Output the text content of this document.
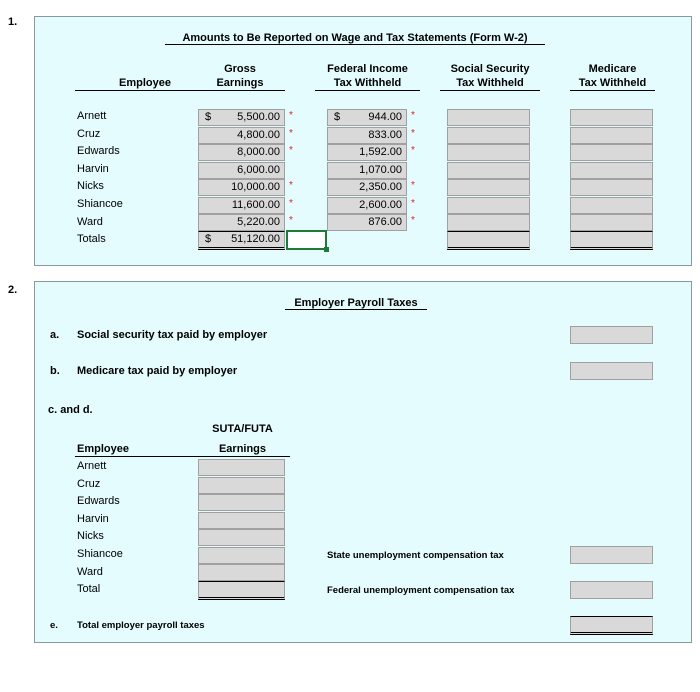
1.
Amounts to Be Reported on Wage and Tax Statements (Form W-2)
Employee
Gross
Earnings
Federal Income
Tax Withheld
Social Security
Tax Withheld
Medicare
Tax Withheld
Arnett
Cruz
Edwards
Harvin
Nicks
Shiancoe
Ward
Totals
$ 5,500.00 *
4,800.00 *
8,000.00 *
6,000.00
10,000.00 *
11,600.00 *
5,220.00 *
$ 51,120.00
$	944.00 *
833.00 *
1,592.00 *
1,070.00
2,350.00 *
2,600.00 *
876.00 *
2.
Employer Payroll Taxes
a. Social security tax paid by employer
b. Medicare tax paid by employer
c. and d.
SUTA/FUTA
Earnings
Employee
Arnett
Cruz
Edwards
Harvin
Nicks
Shiancoe
Ward
Total
State unemployment compensation tax
Federal unemployment compensation tax
e. Total employer payroll taxes
